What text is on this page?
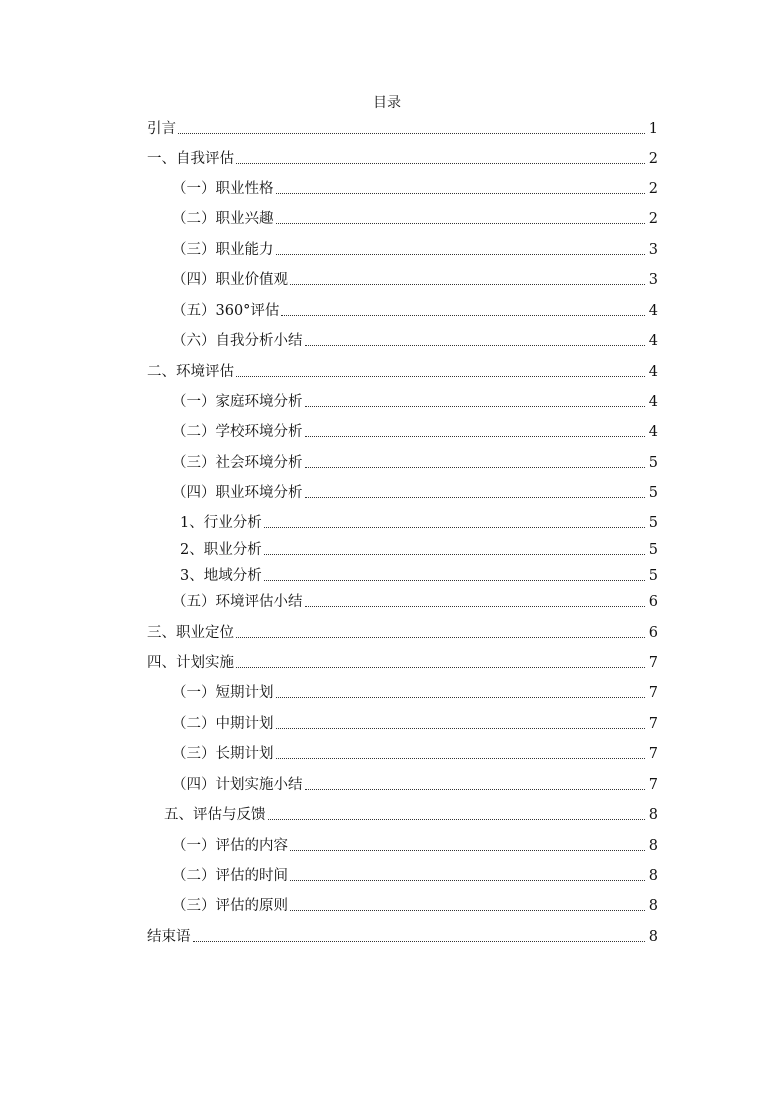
目录
引言	1
一、自我评估	2
（一）职业性格	2
（二）职业兴趣	2
（三）职业能力	3
（四）职业价值观	3
（五）360°评估	4
（六）自我分析小结	4
二、环境评估	4
（一）家庭环境分析	4
（二）学校环境分析	4
（三）社会环境分析	5
（四）职业环境分析	5
1、行业分析	5
2、职业分析	5
3、地域分析	5
（五）环境评估小结	6
三、职业定位	6
四、计划实施	7
（一）短期计划	7
（二）中期计划	7
（三）长期计划	7
（四）计划实施小结	7
五、评估与反馈	8
（一）评估的内容	8
（二）评估的时间	8
（三）评估的原则	8
结束语	8
